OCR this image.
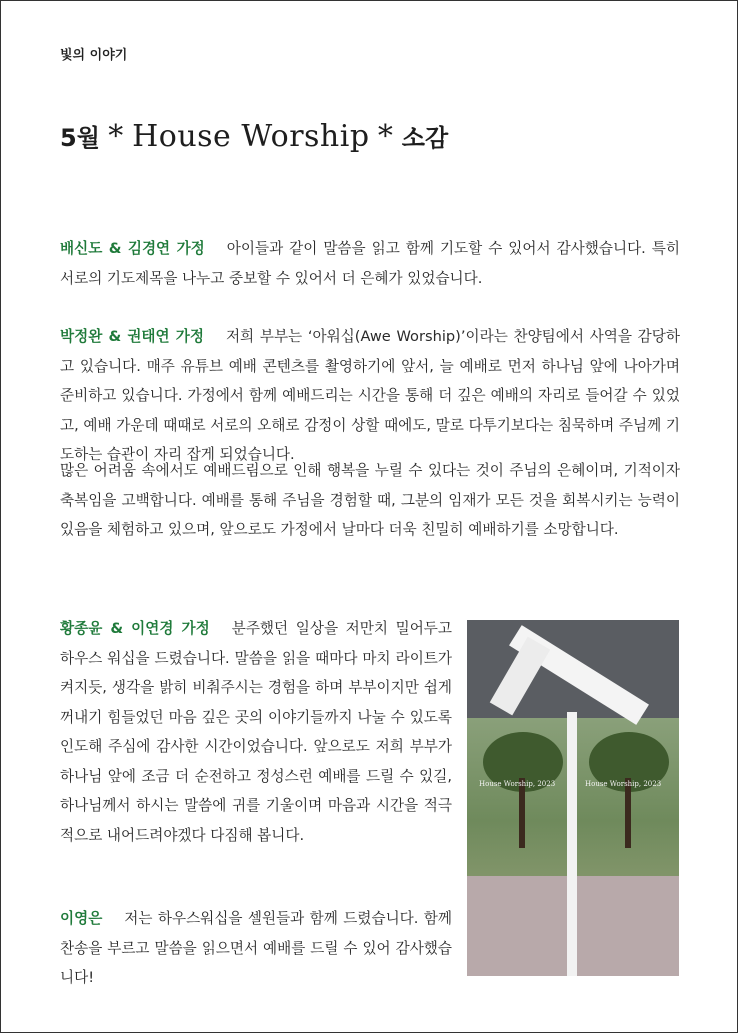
빛의 이야기
5월 * House Worship * 소감

배신도 & 김경연 가정 아이들과 같이 말씀을 읽고 함께 기도할 수 있어서 감사했습니다. 특히 서로의 기도제목을 나누고 중보할 수 있어서 더 은혜가 있었습니다.

박정완 & 권태연 가정 저희 부부는 ‘아워십(Awe Worship)’이라는 찬양팀에서 사역을 감당하고 있습니다. 매주 유튜브 예배 콘텐츠를 촬영하기에 앞서, 늘 예배로 먼저 하나님 앞에 나아가며 준비하고 있습니다. 가정에서 함께 예배드리는 시간을 통해 더 깊은 예배의 자리로 들어갈 수 있었고, 예배 가운데 때때로 서로의 오해로 감정이 상할 때에도, 말로 다투기보다는 침묵하며 주님께 기도하는 습관이 자리 잡게 되었습니다.

많은 어려움 속에서도 예배드림으로 인해 행복을 누릴 수 있다는 것이 주님의 은혜이며, 기적이자 축복임을 고백합니다. 예배를 통해 주님을 경험할 때, 그분의 임재가 모든 것을 회복시키는 능력이 있음을 체험하고 있으며, 앞으로도 가정에서 날마다 더욱 친밀히 예배하기를 소망합니다.

황종윤 & 이연경 가정 분주했던 일상을 저만치 밀어두고 하우스 워십을 드렸습니다. 말씀을 읽을 때마다 마치 라이트가 켜지듯, 생각을 밝히 비춰주시는 경험을 하며 부부이지만 쉽게 꺼내기 힘들었던 마음 깊은 곳의 이야기들까지 나눌 수 있도록 인도해 주심에 감사한 시간이었습니다. 앞으로도 저희 부부가 하나님 앞에 조금 더 순전하고 정성스런 예배를 드릴 수 있길, 하나님께서 하시는 말씀에 귀를 기울이며 마음과 시간을 적극적으로 내어드려야겠다 다짐해 봅니다.

이영은 저는 하우스워십을 셀원들과 함께 드렸습니다. 함께 찬송을 부르고 말씀을 읽으면서 예배를 드릴 수 있어 감사했습니다!

House Worship, 2023	House Worship, 2023
